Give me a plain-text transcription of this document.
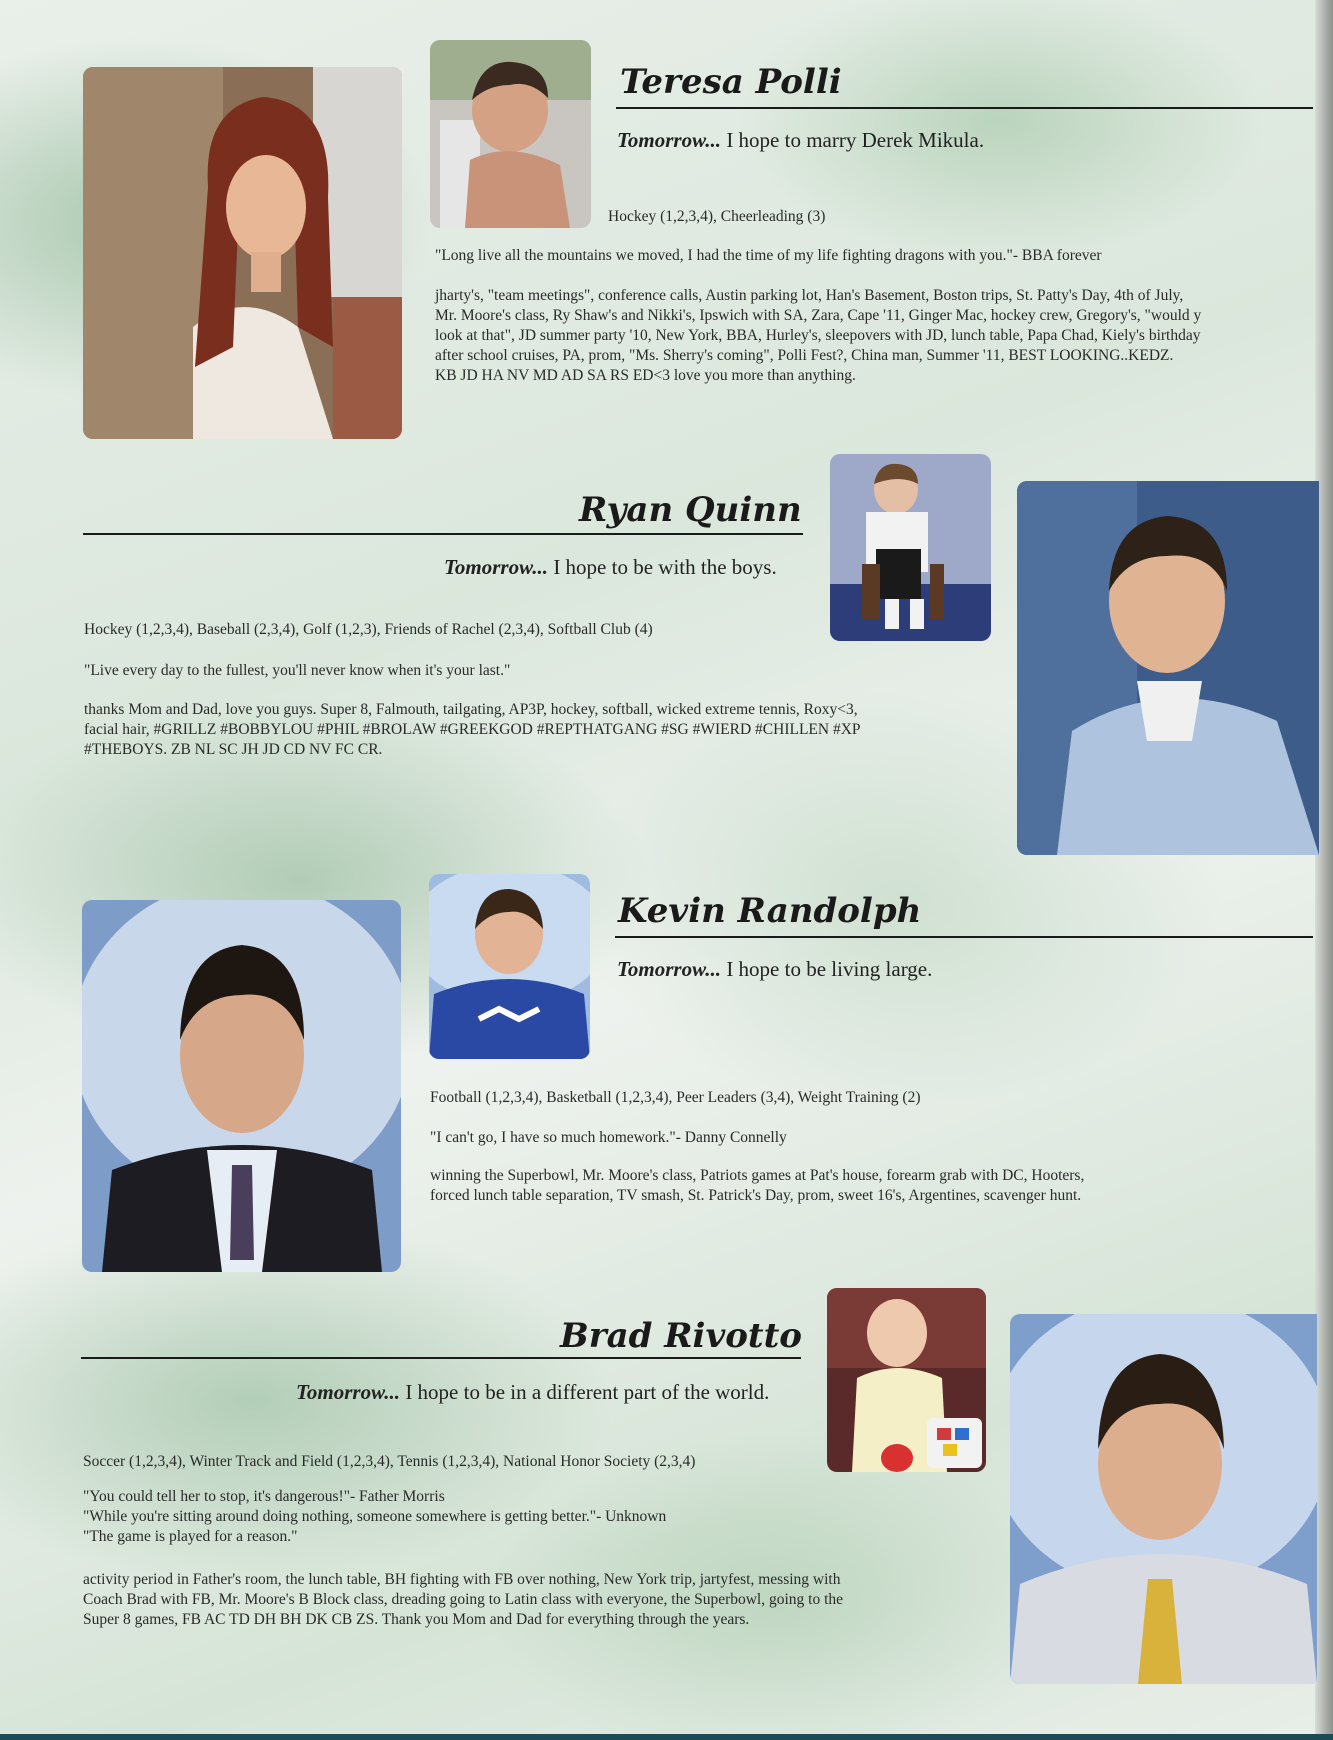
Teresa Polli

Tomorrow... I hope to marry Derek Mikula.

Hockey (1,2,3,4), Cheerleading (3)

"Long live all the mountains we moved, I had the time of my life fighting dragons with you."- BBA forever

jharty's, "team meetings", conference calls, Austin parking lot, Han's Basement, Boston trips, St. Patty's Day, 4th of July,
Mr. Moore's class, Ry Shaw's and Nikki's, Ipswich with SA, Zara, Cape '11, Ginger Mac, hockey crew, Gregory's, "would y
look at that", JD summer party '10, New York, BBA, Hurley's, sleepovers with JD, lunch table, Papa Chad, Kiely's birthday
after school cruises, PA, prom, "Ms. Sherry's coming", Polli Fest?, China man, Summer '11, BEST LOOKING..KEDZ.
KB JD HA NV MD AD SA RS ED<3 love you more than anything.
Ryan Quinn

Tomorrow... I hope to be with the boys.

Hockey (1,2,3,4), Baseball (2,3,4), Golf (1,2,3), Friends of Rachel (2,3,4), Softball Club (4)

"Live every day to the fullest, you'll never know when it's your last."

thanks Mom and Dad, love you guys. Super 8, Falmouth, tailgating, AP3P, hockey, softball, wicked extreme tennis, Roxy<3,
facial hair, #GRILLZ #BOBBYLOU #PHIL #BROLAW #GREEKGOD #REPTHATGANG #SG #WIERD #CHILLEN #XP
#THEBOYS. ZB NL SC JH JD CD NV FC CR.
Kevin Randolph

Tomorrow... I hope to be living large.

Football (1,2,3,4), Basketball (1,2,3,4), Peer Leaders (3,4), Weight Training (2)

"I can't go, I have so much homework."- Danny Connelly

winning the Superbowl, Mr. Moore's class, Patriots games at Pat's house, forearm grab with DC, Hooters,
forced lunch table separation, TV smash, St. Patrick's Day, prom, sweet 16's, Argentines, scavenger hunt.
Brad Rivotto

Tomorrow... I hope to be in a different part of the world.

Soccer (1,2,3,4), Winter Track and Field (1,2,3,4), Tennis (1,2,3,4), National Honor Society (2,3,4)

"You could tell her to stop, it's dangerous!"- Father Morris
"While you're sitting around doing nothing, someone somewhere is getting better."- Unknown
"The game is played for a reason."
activity period in Father's room, the lunch table, BH fighting with FB over nothing, New York trip, jartyfest, messing with
Coach Brad with FB, Mr. Moore's B Block class, dreading going to Latin class with everyone, the Superbowl, going to the
Super 8 games, FB AC TD DH BH DK CB ZS. Thank you Mom and Dad for everything through the years.
